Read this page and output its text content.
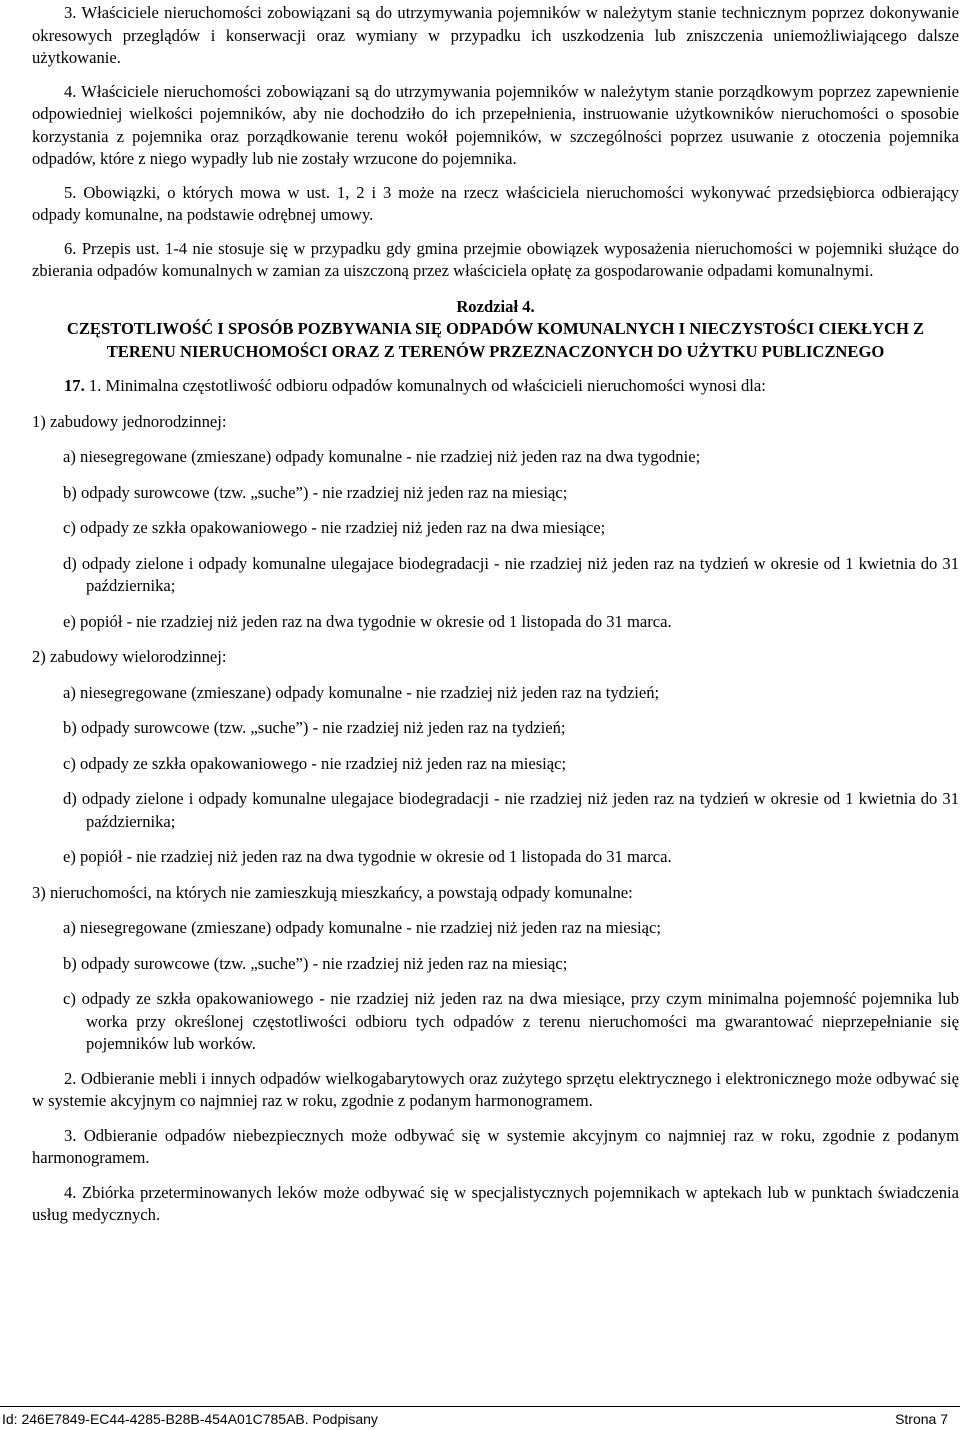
3. Właściciele nieruchomości zobowiązani są do utrzymywania pojemników w należytym stanie technicznym poprzez dokonywanie okresowych przeglądów i konserwacji oraz wymiany w przypadku ich uszkodzenia lub zniszczenia uniemożliwiającego dalsze użytkowanie.

4. Właściciele nieruchomości zobowiązani są do utrzymywania pojemników w należytym stanie porządkowym poprzez zapewnienie odpowiedniej wielkości pojemników, aby nie dochodziło do ich przepełnienia, instruowanie użytkowników nieruchomości o sposobie korzystania z pojemnika oraz porządkowanie terenu wokół pojemników, w szczególności poprzez usuwanie z otoczenia pojemnika odpadów, które z niego wypadły lub nie zostały wrzucone do pojemnika.

5. Obowiązki, o których mowa w ust. 1, 2 i 3 może na rzecz właściciela nieruchomości wykonywać przedsiębiorca odbierający odpady komunalne, na podstawie odrębnej umowy.

6. Przepis ust. 1-4 nie stosuje się w przypadku gdy gmina przejmie obowiązek wyposażenia nieruchomości w pojemniki służące do zbierania odpadów komunalnych w zamian za uiszczoną przez właściciela opłatę za gospodarowanie odpadami komunalnymi.

Rozdział 4.

CZĘSTOTLIWOŚĆ I SPOSÓB POZBYWANIA SIĘ ODPADÓW KOMUNALNYCH I NIECZYSTOŚCI CIEKŁYCH Z TERENU NIERUCHOMOŚCI ORAZ Z TERENÓW PRZEZNACZONYCH DO UŻYTKU PUBLICZNEGO

17. 1. Minimalna częstotliwość odbioru odpadów komunalnych od właścicieli nieruchomości wynosi dla:

1) zabudowy jednorodzinnej:

a) niesegregowane (zmieszane) odpady komunalne - nie rzadziej niż jeden raz na dwa tygodnie;

b) odpady surowcowe (tzw. „suche”) - nie rzadziej niż jeden raz na miesiąc;

c) odpady ze szkła opakowaniowego - nie rzadziej niż jeden raz na dwa miesiące;

d) odpady zielone i odpady komunalne ulegajace biodegradacji - nie rzadziej niż jeden raz na tydzień w okresie od 1 kwietnia do 31 października;

e) popiół - nie rzadziej niż jeden raz na dwa tygodnie w okresie od 1 listopada do 31 marca.

2) zabudowy wielorodzinnej:

a) niesegregowane (zmieszane) odpady komunalne - nie rzadziej niż jeden raz na tydzień;

b) odpady surowcowe (tzw. „suche”) - nie rzadziej niż jeden raz na tydzień;

c) odpady ze szkła opakowaniowego - nie rzadziej niż jeden raz na miesiąc;

d) odpady zielone i odpady komunalne ulegajace biodegradacji - nie rzadziej niż jeden raz na tydzień w okresie od 1 kwietnia do 31 października;

e) popiół - nie rzadziej niż jeden raz na dwa tygodnie w okresie od 1 listopada do 31 marca.

3) nieruchomości, na których nie zamieszkują mieszkańcy, a powstają odpady komunalne:

a) niesegregowane (zmieszane) odpady komunalne - nie rzadziej niż jeden raz na miesiąc;

b) odpady surowcowe (tzw. „suche”) - nie rzadziej niż jeden raz na miesiąc;

c) odpady ze szkła opakowaniowego - nie rzadziej niż jeden raz na dwa miesiące, przy czym minimalna pojemność pojemnika lub worka przy określonej częstotliwości odbioru tych odpadów z terenu nieruchomości ma gwarantować nieprzepełnianie się pojemników lub worków.

2. Odbieranie mebli i innych odpadów wielkogabarytowych oraz zużytego sprzętu elektrycznego i elektronicznego może odbywać się w systemie akcyjnym co najmniej raz w roku, zgodnie z podanym harmonogramem.

3. Odbieranie odpadów niebezpiecznych może odbywać się w systemie akcyjnym co najmniej raz w roku, zgodnie z podanym harmonogramem.

4. Zbiórka przeterminowanych leków może odbywać się w specjalistycznych pojemnikach w aptekach lub w punktach świadczenia usług medycznych.

Id: 246E7849-EC44-4285-B28B-454A01C785AB. Podpisany	Strona 7
